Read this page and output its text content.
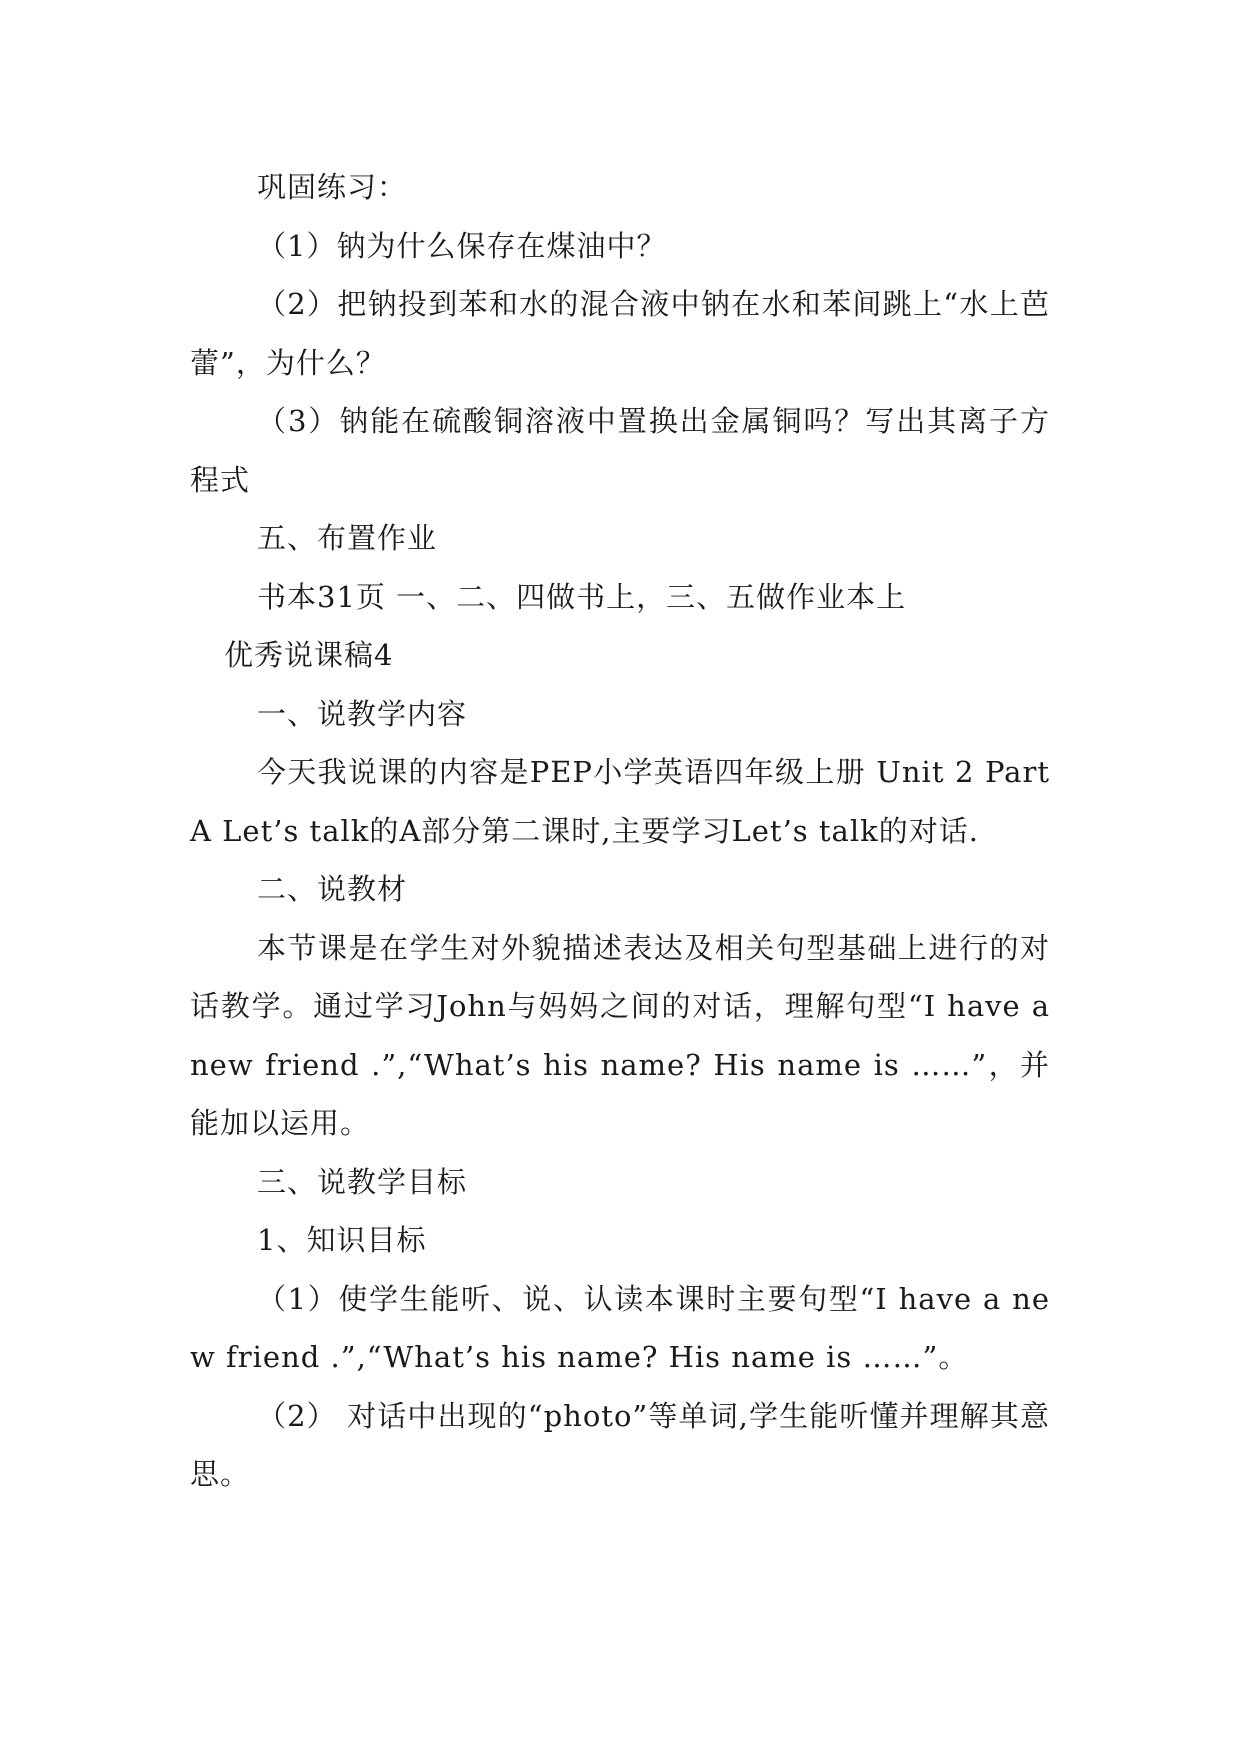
巩固练习：

（1）钠为什么保存在煤油中？

（2）把钠投到苯和水的混合液中钠在水和苯间跳上“水上芭蕾”，为什么？

（3）钠能在硫酸铜溶液中置换出金属铜吗？写出其离子方程式

五、布置作业

书本31页 一、二、四做书上，三、五做作业本上

优秀说课稿4

一、说教学内容

今天我说课的内容是PEP小学英语四年级上册 Unit 2 Part A Let’s talk的A部分第二课时,主要学习Let’s talk的对话.

二、说教材

本节课是在学生对外貌描述表达及相关句型基础上进行的对话教学。通过学习John与妈妈之间的对话，理解句型“I have a new friend .”,“What’s his name? His name is ……”，并能加以运用。

三、说教学目标

1、知识目标

（1）使学生能听、说、认读本课时主要句型“I have a new friend .”,“What’s his name? His name is ……”。

（2） 对话中出现的“photo”等单词,学生能听懂并理解其意思。
